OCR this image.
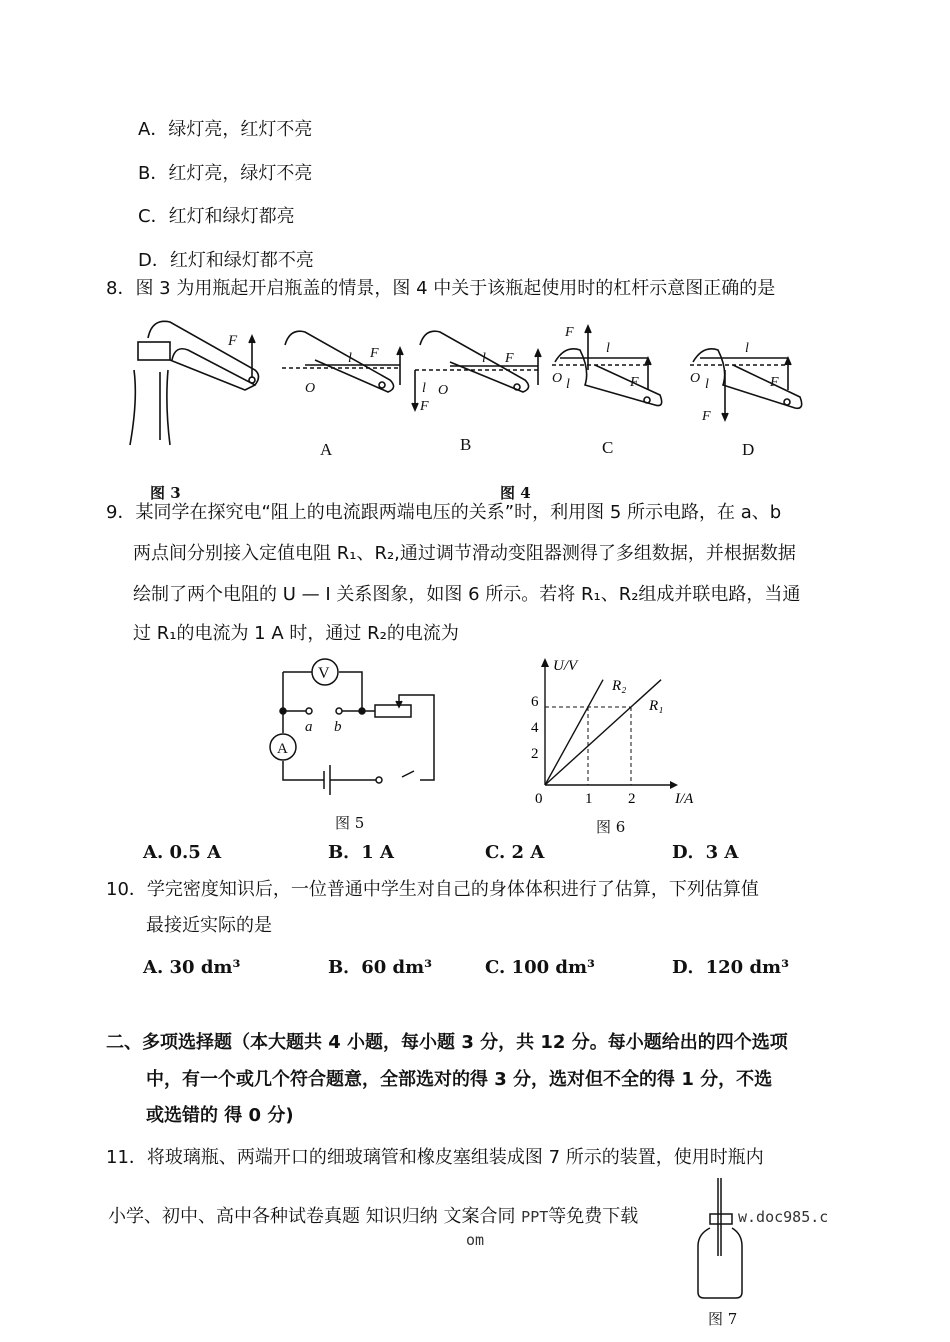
A．绿灯亮，红灯不亮
B．红灯亮，绿灯不亮
C．红灯和绿灯都亮
D．红灯和绿灯都不亮
8．图 3 为用瓶起开启瓶盖的情景，图 4 中关于该瓶起使用时的杠杆示意图正确的是
F
O
l F
A
l
F
O
l F
B
F
O l
l
F
C
O l
F
l
F
D
图 3	图 4
9．某同学在探究电“阻上的电流跟两端电压的关系”时，利用图 5 所示电路，在 a、b
两点间分别接入定值电阻 R₁、R₂,通过调节滑动变阻器测得了多组数据，并根据数据
绘制了两个电阻的 U — I 关系图象，如图 6 所示。若将 R₁、R₂组成并联电路，当通
过 R₁的电流为 1 A 时，通过 R₂的电流为
V
A
a b
图 5
U/V
I/A
0
2
4
6
1 2
R₂
R₁
图 6
A. 0.5 A	B．1 A	C. 2 A	D．3 A
10．学完密度知识后，一位普通中学生对自己的身体体积进行了估算，下列估算值
最接近实际的是
A. 30 dm³	B．60 dm³	C. 100 dm³	D．120 dm³
二、多项选择题（本大题共 4 小题，每小题 3 分，共 12 分。每小题给出的四个选项
中，有一个或几个符合题意，全部选对的得 3 分，选对但不全的得 1 分，不选
或选错的 得 0 分)
11．将玻璃瓶、两端开口的细玻璃管和橡皮塞组装成图 7 所示的装置，使用时瓶内
小学、初中、高中各种试卷真题 知识归纳 文案合同 PPT等免费下载	w.doc985.c
om
图 7
